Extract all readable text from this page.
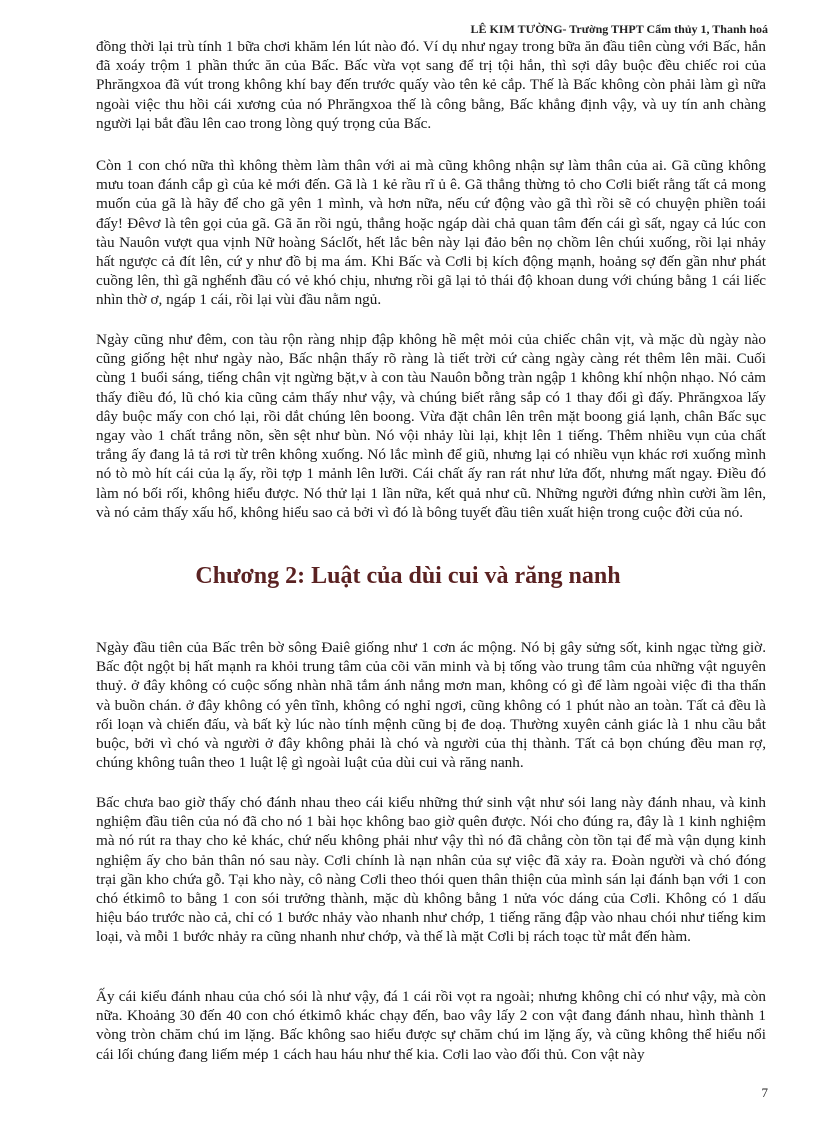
LÊ KIM TƯỜNG- Trường THPT Cẩm thủy 1, Thanh hoá

đồng thời lại trù tính 1 bữa chơi khăm lén lút nào đó. Ví dụ như ngay trong bữa ăn đầu tiên cùng với Bấc, hắn đã xoáy trộm 1 phần thức ăn của Bấc. Bấc vừa vọt sang để trị tội hắn, thì sợi dây buộc đều chiếc roi của Phrăngxoa đã vút trong không khí bay đến trước quấy vào tên kẻ cắp. Thế là Bấc không còn phải làm gì nữa ngoài việc thu hồi cái xương của nó Phrăngxoa thế là công bằng, Bấc khẳng định vậy, và uy tín anh chàng người lại bắt đầu lên cao trong lòng quý trọng của Bấc.

Còn 1 con chó nữa thì không thèm làm thân với ai mà cũng không nhận sự làm thân của ai. Gã cũng không mưu toan đánh cắp gì của kẻ mới đến. Gã là 1 kẻ rầu rĩ ủ ê. Gã thẳng thừng tỏ cho Cơli biết rằng tất cả mong muốn của gã là hãy để cho gã yên 1 mình, và hơn nữa, nếu cứ động vào gã thì rồi sẽ có chuyện phiền toái đấy! Đêvơ là tên gọi của gã. Gã ăn rồi ngủ, thẳng hoặc ngáp dài chả quan tâm đến cái gì sất, ngay cả lúc con tàu Nauôn vượt qua vịnh Nữ hoàng Sáclốt, hết lắc bên này lại đảo bên nọ chồm lên chúi xuống, rồi lại nhảy hất ngược cả đít lên, cứ y như đồ bị ma ám. Khi Bấc và Cơli bị kích động mạnh, hoảng sợ đến gần như phát cuồng lên, thì gã nghểnh đầu có vẻ khó chịu, nhưng rồi gã lại tỏ thái độ khoan dung với chúng bằng 1 cái liếc nhìn thờ ơ, ngáp 1 cái, rồi lại vùi đầu nằm ngủ.

Ngày cũng như đêm, con tàu rộn ràng nhịp đập không hề mệt mỏi của chiếc chân vịt, và mặc dù ngày nào cũng giống hệt như ngày nào, Bấc nhận thấy rõ ràng là tiết trời cứ càng ngày càng rét thêm lên mãi. Cuối cùng 1 buổi sáng, tiếng chân vịt ngừng bặt,v à con tàu Nauôn bỗng tràn ngập 1 không khí nhộn nhạo. Nó cảm thấy điều đó, lũ chó kia cũng cảm thấy như vậy, và chúng biết rằng sắp có 1 thay đổi gì đấy. Phrăngxoa lấy dây buộc mấy con chó lại, rồi dắt chúng lên boong. Vừa đặt chân lên trên mặt boong giá lạnh, chân Bấc sục ngay vào 1 chất trắng nõn, sền sệt như bùn. Nó vội nhảy lùi lại, khịt lên 1 tiếng. Thêm nhiều vụn của chất trắng ấy đang lả tả rơi từ trên không xuống. Nó lắc mình để giũ, nhưng lại có nhiều vụn khác rơi xuống mình nó tò mò hít cái của lạ ấy, rồi tợp 1 mảnh lên lưỡi. Cái chất ấy ran rát như lửa đốt, nhưng mất ngay. Điều đó làm nó bối rối, không hiểu được. Nó thử lại 1 lần nữa, kết quả như cũ. Những người đứng nhìn cười ầm lên, và nó cảm thấy xấu hổ, không hiểu sao cả bởi vì đó là bông tuyết đầu tiên xuất hiện trong cuộc đời của nó.

Chương 2: Luật của dùi cui và răng nanh

Ngày đầu tiên của Bấc trên bờ sông Đaiê giống như 1 cơn ác mộng. Nó bị gây sửng sốt, kinh ngạc từng giờ. Bấc đột ngột bị hất mạnh ra khỏi trung tâm của cõi văn minh và bị tống vào trung tâm của những vật nguyên thuỷ. ở đây không có cuộc sống nhàn nhã tắm ánh nắng mơn man, không có gì để làm ngoài việc đi tha thẩn và buồn chán. ở đây không có yên tĩnh, không có nghỉ ngơi, cũng không có 1 phút nào an toàn. Tất cả đều là rối loạn và chiến đấu, và bất kỳ lúc nào tính mệnh cũng bị đe doạ. Thường xuyên cảnh giác là 1 nhu cầu bắt buộc, bởi vì chó và người ở đây không phải là chó và người của thị thành. Tất cả bọn chúng đều man rợ, chúng không tuân theo 1 luật lệ gì ngoài luật của dùi cui và răng nanh.

Bấc chưa bao giờ thấy chó đánh nhau theo cái kiểu những thứ sinh vật như sói lang này đánh nhau, và kinh nghiệm đầu tiên của nó đã cho nó 1 bài học không bao giờ quên được. Nói cho đúng ra, đây là 1 kinh nghiệm mà nó rút ra thay cho kẻ khác, chứ nếu không phải như vậy thì nó đã chẳng còn tồn tại để mà vận dụng kinh nghiệm ấy cho bản thân nó sau này. Cơli chính là nạn nhân của sự việc đã xảy ra. Đoàn người và chó đóng trại gần kho chứa gỗ. Tại kho này, cô nàng Cơli theo thói quen thân thiện của mình sán lại đánh bạn với 1 con chó étkimô to bằng 1 con sói trưởng thành, mặc dù không bằng 1 nửa vóc dáng của Cơli. Không có 1 dấu hiệu báo trước nào cả, chỉ có 1 bước nhảy vào nhanh như chớp, 1 tiếng răng đập vào nhau chói như tiếng kim loại, và mỗi 1 bước nhảy ra cũng nhanh như chớp, và thế là mặt Cơli bị rách toạc từ mắt đến hàm.

Ấy cái kiểu đánh nhau của chó sói là như vậy, đá 1 cái rồi vọt ra ngoài; nhưng không chỉ có như vậy, mà còn nữa. Khoảng 30 đến 40 con chó étkimô khác chạy đến, bao vây lấy 2 con vật đang đánh nhau, hình thành 1 vòng tròn chăm chú im lặng. Bấc không sao hiểu được sự chăm chú im lặng ấy, và cũng không thể hiểu nổi cái lối chúng đang liếm mép 1 cách hau háu như thế kia. Cơli lao vào đối thủ. Con vật này

7
